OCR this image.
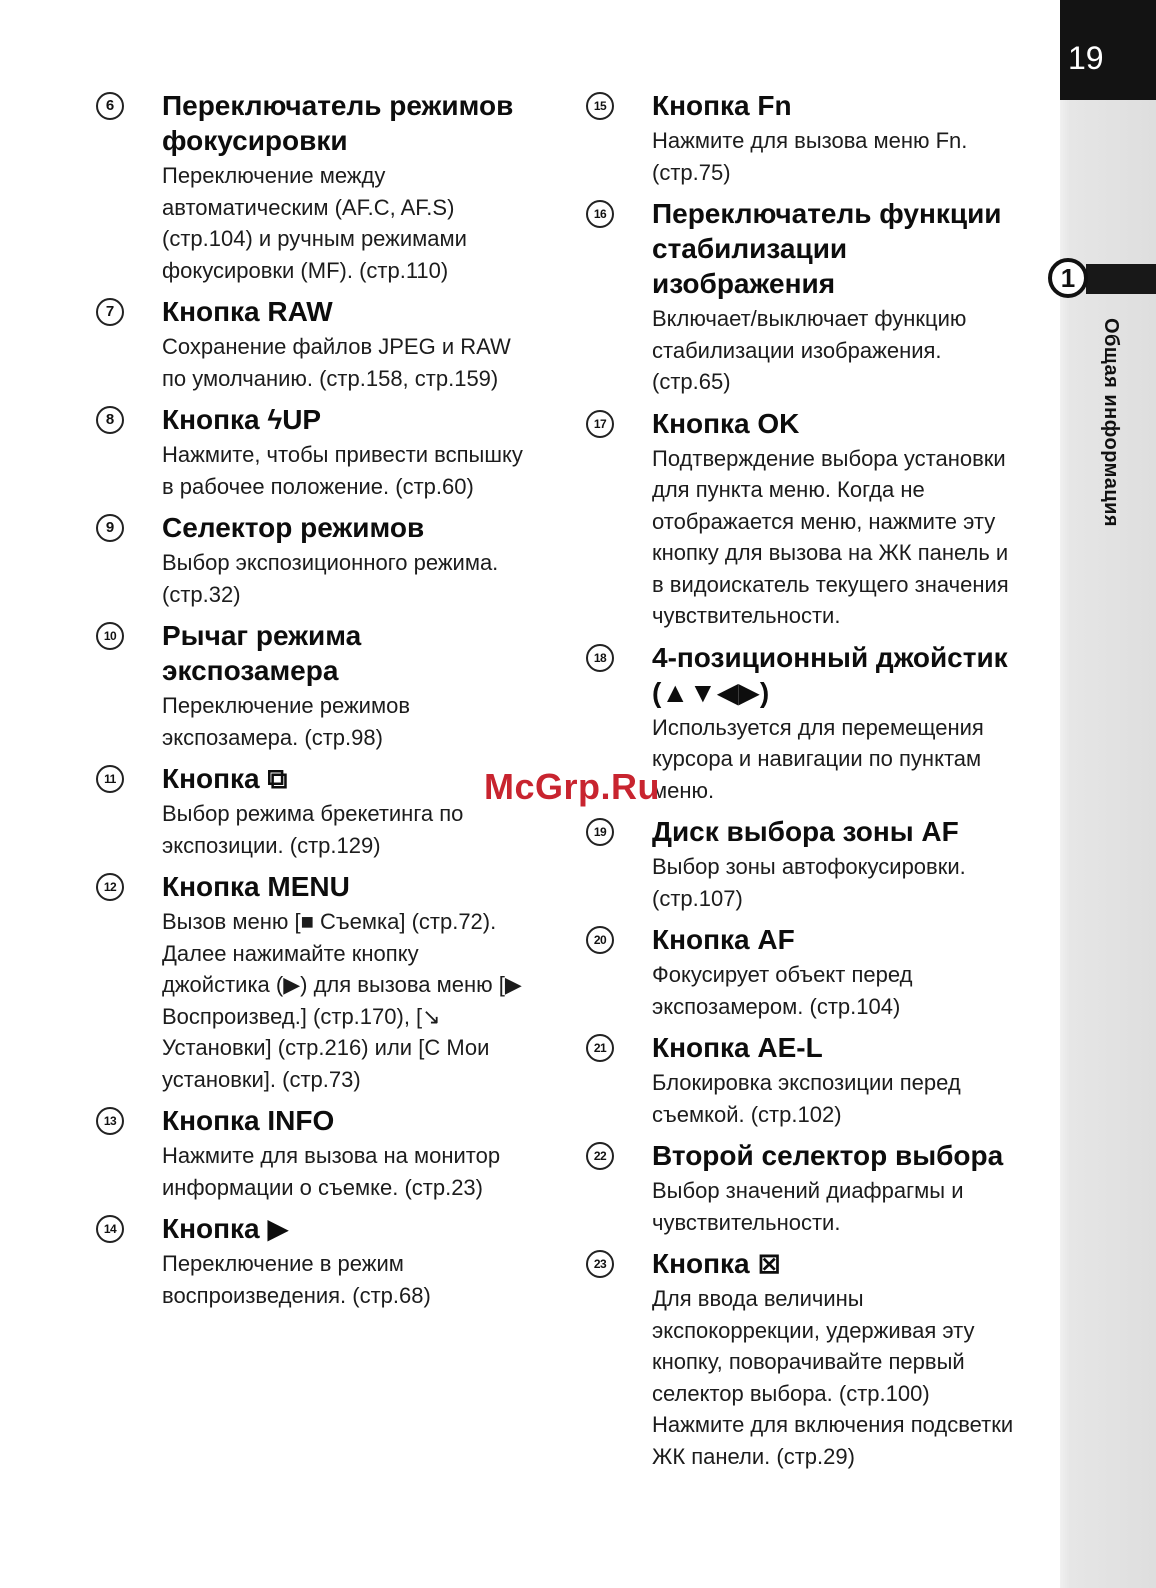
19
1
Общая информация
6	Переключатель режимов фокусировки
Переключение между автоматическим (AF.C, AF.S) (стр.104) и ручным режимами фокусировки (MF). (стр.110)
7	Кнопка RAW
Сохранение файлов JPEG и RAW по умолчанию. (стр.158, стр.159)
8	Кнопка ϟUP
Нажмите, чтобы привести вспышку в рабочее положение. (стр.60)
9	Селектор режимов
Выбор экспозиционного режима. (стр.32)
10 Рычаг режима экспозамера
Переключение режимов экспозамера. (стр.98)
11 Кнопка ⧉
Выбор режима брекетинга по экспозиции. (стр.129)
12 Кнопка MENU
Вызов меню [■ Съемка] (стр.72). Далее нажимайте кнопку джойстика (▶) для вызова меню [▶ Воспроизвед.] (стр.170), [↘ Установки] (стр.216) или [C Мои установки]. (стр.73)
13 Кнопка INFO
Нажмите для вызова на монитор информации о съемке. (стр.23)
14 Кнопка ▶
Переключение в режим воспроизведения. (стр.68)
15 Кнопка Fn
Нажмите для вызова меню Fn. (стр.75)
16 Переключатель функции стабилизации изображения
Включает/выключает функцию стабилизации изображения. (стр.65)
17 Кнопка OK
Подтверждение выбора установки для пункта меню. Когда не отображается меню, нажмите эту кнопку для вызова на ЖК панель и в видоискатель текущего значения чувствительности.
18 4-позиционный джойстик (▲▼◀▶)
Используется для перемещения курсора и навигации по пунктам меню.
19 Диск выбора зоны AF
Выбор зоны автофокусировки. (стр.107)
20 Кнопка AF
Фокусирует объект перед экспозамером. (стр.104)
21 Кнопка AE-L
Блокировка экспозиции перед съемкой. (стр.102)
22 Второй селектор выбора
Выбор значений диафрагмы и чувствительности.
23 Кнопка ⊠
Для ввода величины экспокоррекции, удерживая эту кнопку, поворачивайте первый селектор выбора. (стр.100) Нажмите для включения подсветки ЖК панели. (стр.29)
McGrp.Ru
